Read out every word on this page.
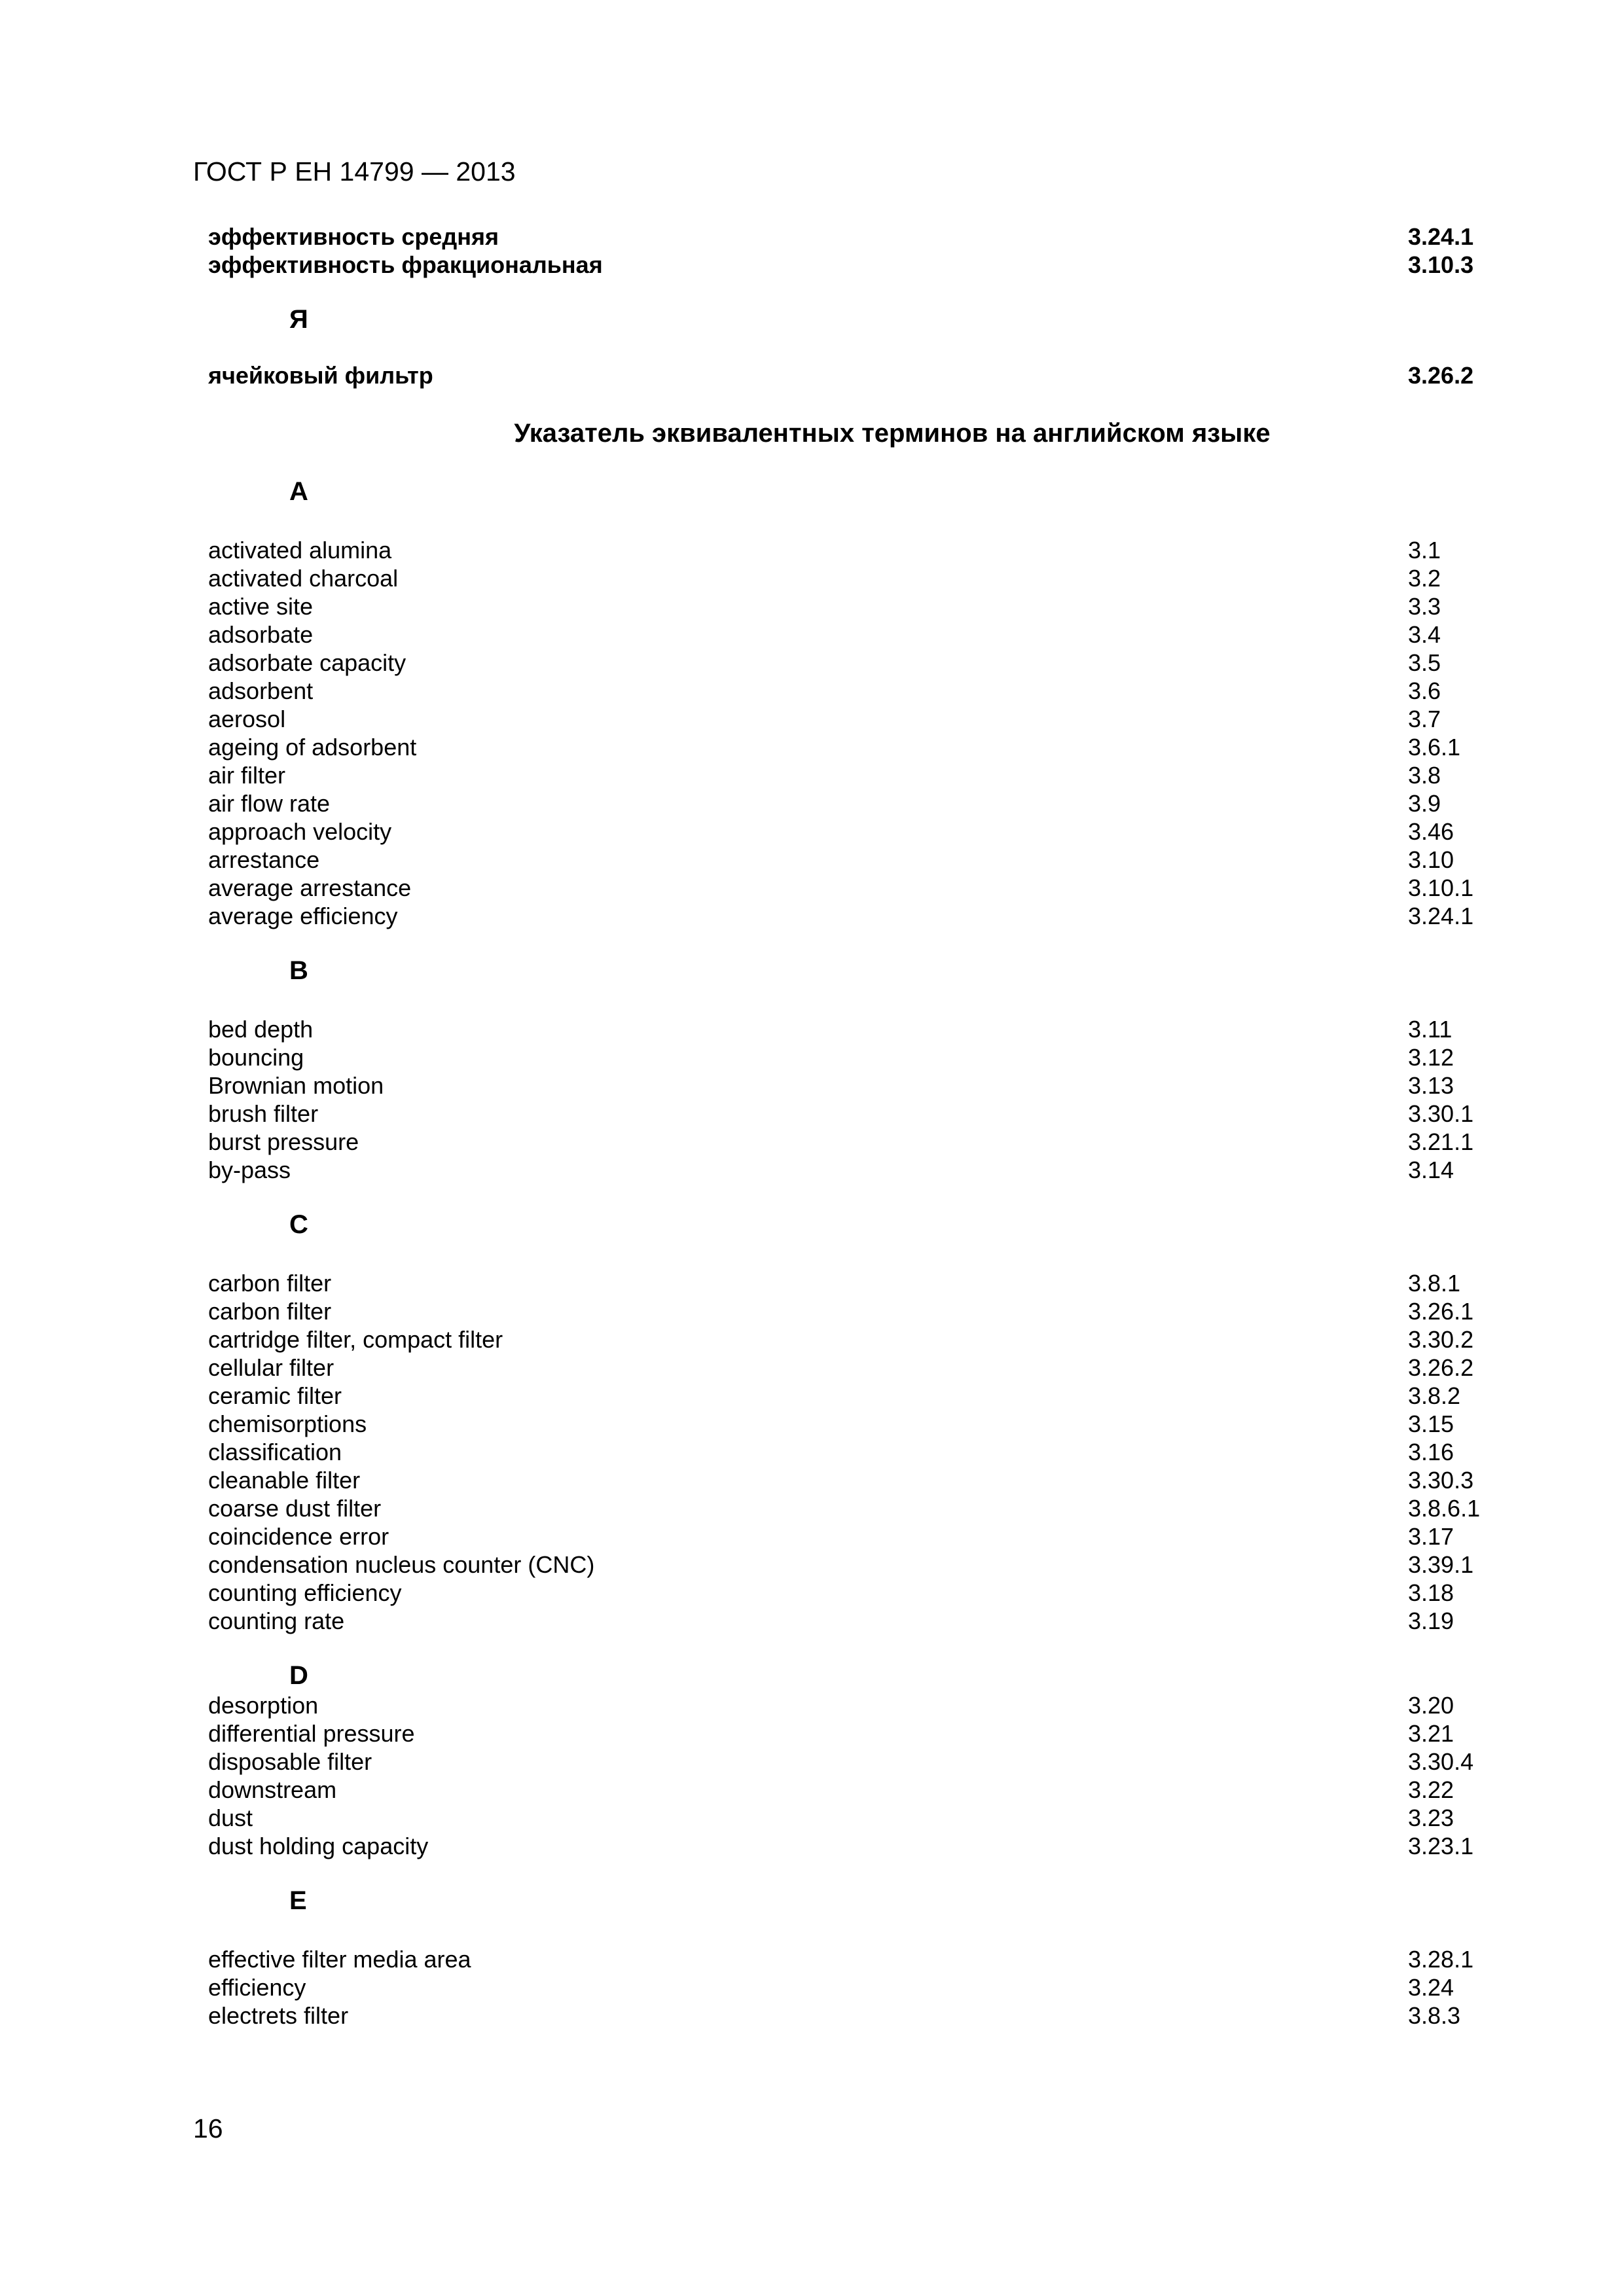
ГОСТ Р ЕН 14799 — 2013
эффективность средняя	3.24.1
эффективность фракциональная	3.10.3
Я
ячейковый фильтр	3.26.2
Указатель эквивалентных терминов на английском языке
A
activated alumina	3.1
activated charcoal	3.2
active site	3.3
adsorbate	3.4
adsorbate capacity	3.5
adsorbent	3.6
aerosol	3.7
ageing of adsorbent	3.6.1
air filter	3.8
air flow rate	3.9
approach velocity	3.46
arrestance	3.10
average arrestance	3.10.1
average efficiency	3.24.1
B
bed depth	3.11
bouncing	3.12
Brownian motion	3.13
brush filter	3.30.1
burst pressure	3.21.1
by-pass	3.14
C
carbon filter	3.8.1
carbon filter	3.26.1
cartridge filter, compact filter	3.30.2
cellular filter	3.26.2
ceramic filter	3.8.2
chemisorptions	3.15
classification	3.16
cleanable filter	3.30.3
coarse dust filter	3.8.6.1
coincidence error	3.17
condensation nucleus counter (CNC)	3.39.1
counting efficiency	3.18
counting rate	3.19
D
desorption	3.20
differential pressure	3.21
disposable filter	3.30.4
downstream	3.22
dust	3.23
dust holding capacity	3.23.1
E
effective filter media area	3.28.1
efficiency	3.24
electrets filter	3.8.3
16
